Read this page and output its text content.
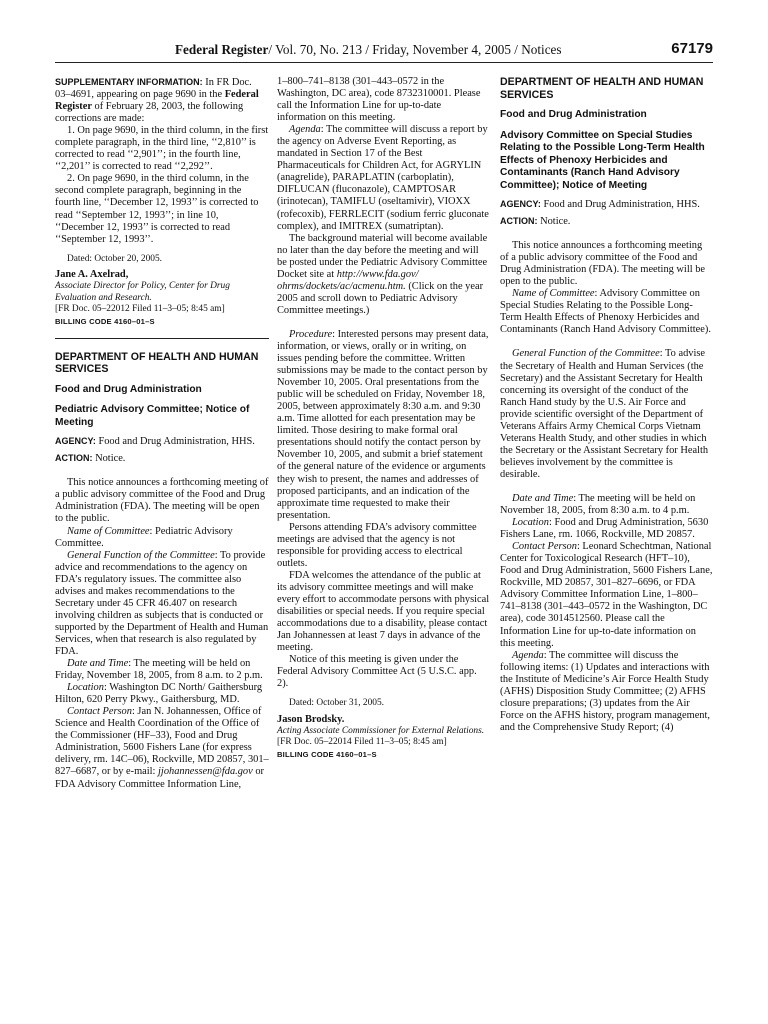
Federal Register/ Vol. 70, No. 213 / Friday, November 4, 2005 / Notices	67179

SUPPLEMENTARY INFORMATION: In FR Doc. 03–4691, appearing on page 9690 in the Federal Register of February 28, 2003, the following corrections are made:

1. On page 9690, in the third column, in the first complete paragraph, in the third line, ‘‘2,810’’ is corrected to read ‘‘2,901’’; in the fourth line, ‘‘2,201’’ is corrected to read ‘‘2,292’’.

2. On page 9690, in the third column, in the second complete paragraph, beginning in the fourth line, ‘‘December 12, 1993’’ is corrected to read ‘‘September 12, 1993’’; in line 10, ‘‘December 12, 1993’’ is corrected to read ‘‘September 12, 1993’’.

Dated: October 20, 2005.

Jane A. Axelrad,

Associate Director for Policy, Center for Drug Evaluation and Research.

[FR Doc. 05–22012 Filed 11–3–05; 8:45 am]

BILLING CODE 4160–01–S

DEPARTMENT OF HEALTH AND HUMAN SERVICES

Food and Drug Administration

Pediatric Advisory Committee; Notice of Meeting

AGENCY: Food and Drug Administration, HHS.

ACTION: Notice.

This notice announces a forthcoming meeting of a public advisory committee of the Food and Drug Administration (FDA). The meeting will be open to the public.

Name of Committee: Pediatric Advisory Committee.

General Function of the Committee: To provide advice and recommendations to the agency on FDA’s regulatory issues. The committee also advises and makes recommendations to the Secretary under 45 CFR 46.407 on research involving children as subjects that is conducted or supported by the Department of Health and Human Services, when that research is also regulated by FDA.

Date and Time: The meeting will be held on Friday, November 18, 2005, from 8 a.m. to 2 p.m.

Location: Washington DC North/ Gaithersburg Hilton, 620 Perry Pkwy., Gaithersburg, MD.

Contact Person: Jan N. Johannessen, Office of Science and Health Coordination of the Office of the Commissioner (HF–33), Food and Drug Administration, 5600 Fishers Lane (for express delivery, rm. 14C–06), Rockville, MD 20857, 301–827–6687, or by e-mail: jjohannessen@fda.gov or FDA Advisory Committee Information Line,

1–800–741–8138 (301–443–0572 in the Washington, DC area), code 8732310001. Please call the Information Line for up-to-date information on this meeting.

Agenda: The committee will discuss a report by the agency on Adverse Event Reporting, as mandated in Section 17 of the Best Pharmaceuticals for Children Act, for AGRYLIN (anagrelide), PARAPLATIN (carboplatin), DIFLUCAN (fluconazole), CAMPTOSAR (irinotecan), TAMIFLU (oseltamivir), VIOXX (rofecoxib), FERRLECIT (sodium ferric gluconate complex), and IMITREX (sumatriptan).

The background material will become available no later than the day before the meeting and will be posted under the Pediatric Advisory Committee Docket site at http://www.fda.gov/ ohrms/dockets/ac/acmenu.htm. (Click on the year 2005 and scroll down to Pediatric Advisory Committee meetings.)

Procedure: Interested persons may present data, information, or views, orally or in writing, on issues pending before the committee. Written submissions may be made to the contact person by November 10, 2005. Oral presentations from the public will be scheduled on Friday, November 18, 2005, between approximately 8:30 a.m. and 9:30 a.m. Time allotted for each presentation may be limited. Those desiring to make formal oral presentations should notify the contact person by November 10, 2005, and submit a brief statement of the general nature of the evidence or arguments they wish to present, the names and addresses of proposed participants, and an indication of the approximate time requested to make their presentation.

Persons attending FDA’s advisory committee meetings are advised that the agency is not responsible for providing access to electrical outlets.

FDA welcomes the attendance of the public at its advisory committee meetings and will make every effort to accommodate persons with physical disabilities or special needs. If you require special accommodations due to a disability, please contact Jan Johannessen at least 7 days in advance of the meeting.

Notice of this meeting is given under the Federal Advisory Committee Act (5 U.S.C. app. 2).

Dated: October 31, 2005.

Jason Brodsky.

Acting Associate Commissioner for External Relations.

[FR Doc. 05–22014 Filed 11–3–05; 8:45 am]

BILLING CODE 4160–01–S

DEPARTMENT OF HEALTH AND HUMAN SERVICES

Food and Drug Administration

Advisory Committee on Special Studies Relating to the Possible Long-Term Health Effects of Phenoxy Herbicides and Contaminants (Ranch Hand Advisory Committee); Notice of Meeting

AGENCY: Food and Drug Administration, HHS.

ACTION: Notice.

This notice announces a forthcoming meeting of a public advisory committee of the Food and Drug Administration (FDA). The meeting will be open to the public.

Name of Committee: Advisory Committee on Special Studies Relating to the Possible Long-Term Health Effects of Phenoxy Herbicides and Contaminants (Ranch Hand Advisory Committee).

General Function of the Committee: To advise the Secretary of Health and Human Services (the Secretary) and the Assistant Secretary for Health concerning its oversight of the conduct of the Ranch Hand study by the U.S. Air Force and provide scientific oversight of the Department of Veterans Affairs Army Chemical Corps Vietnam Veterans Health Study, and other studies in which the Secretary or the Assistant Secretary for Health believes involvement by the committee is desirable.

Date and Time: The meeting will be held on November 18, 2005, from 8:30 a.m. to 4 p.m.

Location: Food and Drug Administration, 5630 Fishers Lane, rm. 1066, Rockville, MD 20857.

Contact Person: Leonard Schechtman, National Center for Toxicological Research (HFT–10), Food and Drug Administration, 5600 Fishers Lane, Rockville, MD 20857, 301–827–6696, or FDA Advisory Committee Information Line, 1–800–741–8138 (301–443–0572 in the Washington, DC area), code 3014512560. Please call the Information Line for up-to-date information on this meeting.

Agenda: The committee will discuss the following items: (1) Updates and interactions with the Institute of Medicine’s Air Force Health Study (AFHS) Disposition Study Committee; (2) AFHS closure preparations; (3) updates from the Air Force on the AFHS history, program management, and the Comprehensive Study Report; (4)
